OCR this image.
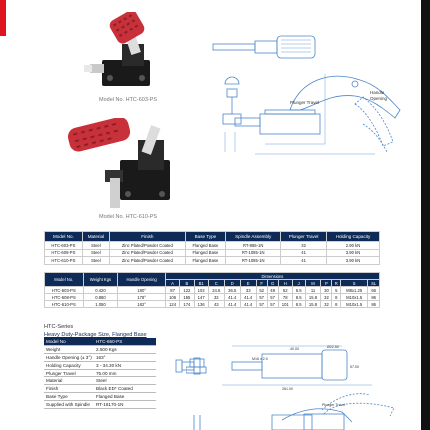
Model No. HTC-603-PS
Model No. HTC-610-PS
Plunger Travel
Handle
Opening
Model No.	Material	Finish	Base Type	Spindle Assembly	Plunger Travel	Holding Capacity
HTC-603-PS	Steel	Zinc Plated/Powder Coated	Flanged Base	RT-865-1N	32	2.90 kN
HTC-608-PS	Steel	Zinc Plated/Powder Coated	Flanged Base	RT-1085-1N	41	3.90 kN
HTC-610-PS	Steel	Zinc Plated/Powder Coated	Flanged Base	RT-1085-1N	41	3.90 kN
Model No.	Weight Kgs	Handle Opening	Dimensions														
			A	B	B1	C	D	E	F	G	H	J	M	P	R	S	SL
HTC-603-PS	0.420	180°	87	122	102	24.5	36.5	33	52	48	52	6.5	11	30	5	M8x1.25	66
HTC-608-PS	0.880	178°	106	155	147	32	41.4	41.4	57	57	78	8.5	15.8	32	8	M10x1.5	86
HTC-610-PS	1.050	182°	124	174	136	43	41.4	41.4	57	57	101	8.5	15.8	32	8	M10x1.5	86
HTC-Series
Heavy Duty-Package Size, Flanged Base
Model No	HTC-650-PS
Weight	2.500 Kgs
Handle Opening (± 3°)	163°
Holding Capacity	3 - 34.30 kN
Plunger Travel	75.00 mm
Material	Steel
Finish	Black ED* Coated
Base Type	Flanged Base
Supplied with Spindle	RT-16170-1N
M16 x 2.0
40.00	Ø22.50
57.00
261.00
Plunger Travel
